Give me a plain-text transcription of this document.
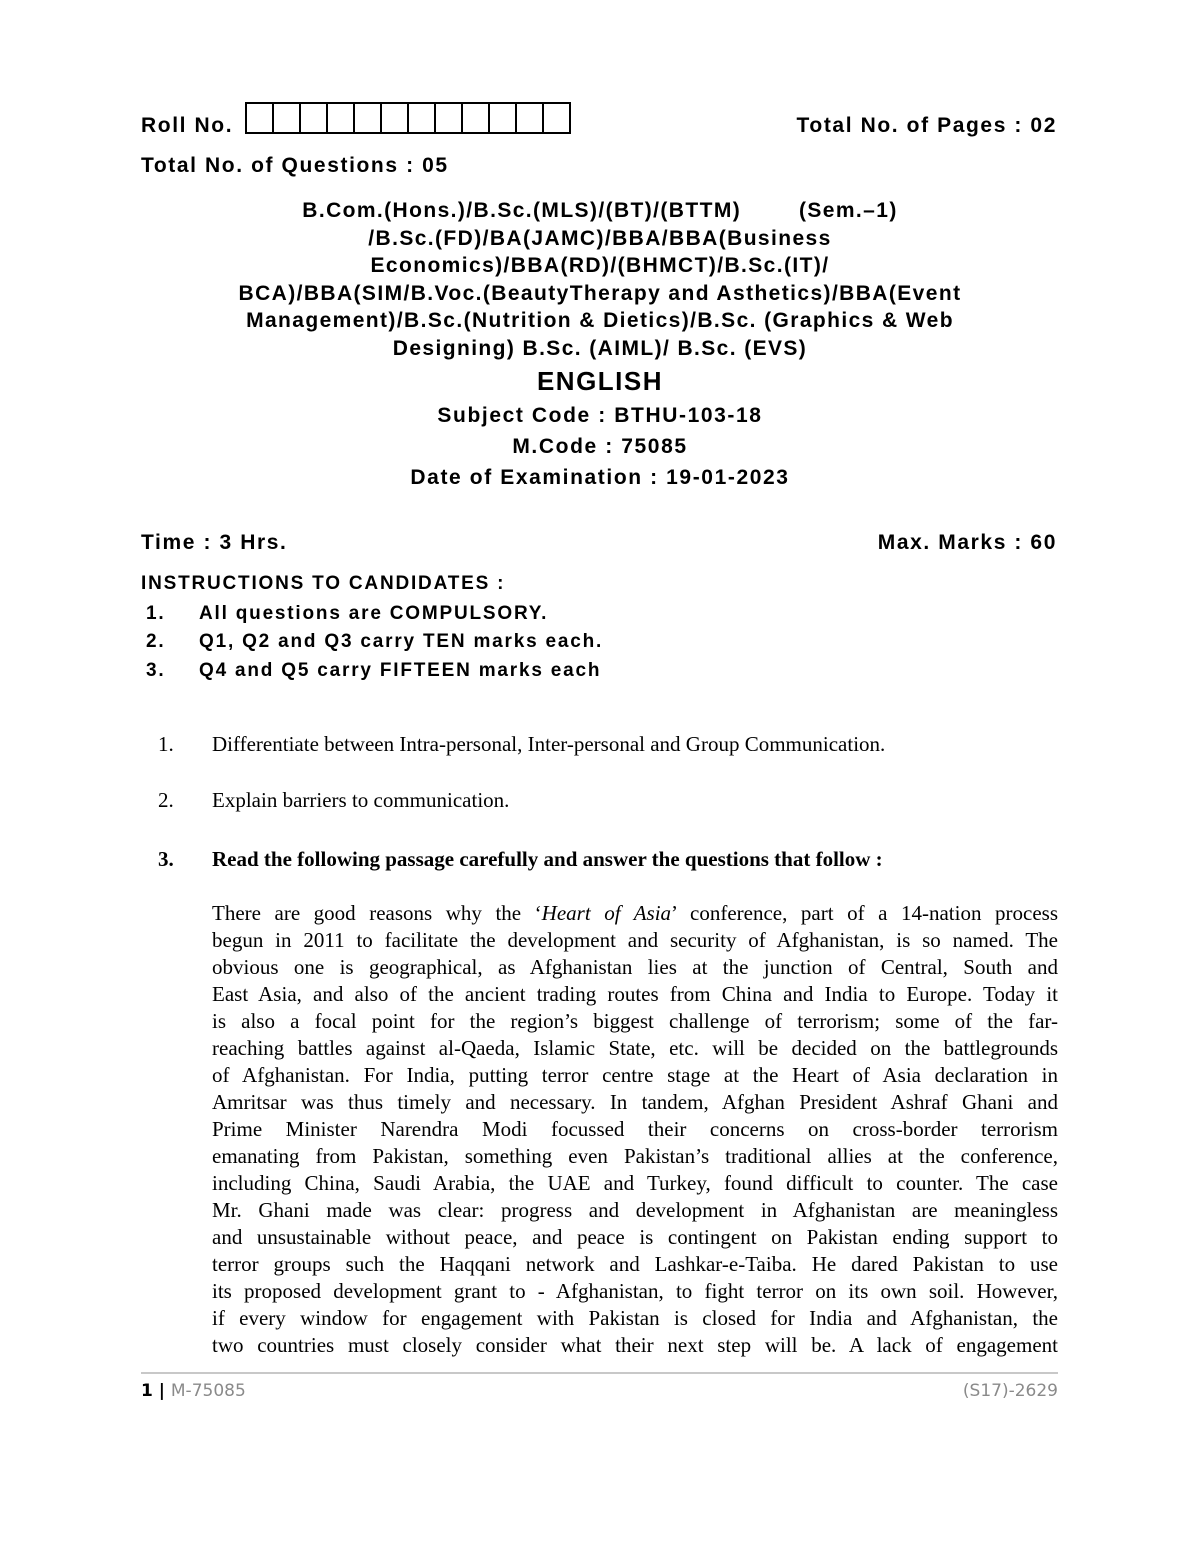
Roll No.	Total No. of Pages : 02
Total No. of Questions : 05
B.Com.(Hons.)/B.Sc.(MLS)/(BT)/(BTTM)        (Sem.–1)
/B.Sc.(FD)/BA(JAMC)/BBA/BBA(Business
Economics)/BBA(RD)/(BHMCT)/B.Sc.(IT)/
BCA)/BBA(SIM/B.Voc.(BeautyTherapy and Asthetics)/BBA(Event
Management)/B.Sc.(Nutrition & Dietics)/B.Sc. (Graphics & Web
Designing) B.Sc. (AIML)/ B.Sc. (EVS)
ENGLISH
Subject Code : BTHU-103-18
M.Code : 75085
Date of Examination : 19-01-2023
Time : 3 Hrs.	Max. Marks : 60
INSTRUCTIONS TO CANDIDATES :
1.	All questions are COMPULSORY.
2.	Q1, Q2 and Q3 carry TEN marks each.
3.	Q4 and Q5 carry FIFTEEN marks each
1.	Differentiate between Intra-personal, Inter-personal and Group Communication.
2.	Explain barriers to communication.
3.	Read the following passage carefully and answer the questions that follow :
There are good reasons why the ‘Heart of Asia’ conference, part of a 14-nation process
begun in 2011 to facilitate the development and security of Afghanistan, is so named. The
obvious one is geographical, as Afghanistan lies at the junction of Central, South and
East Asia, and also of the ancient trading routes from China and India to Europe. Today it
is also a focal point for the region’s biggest challenge of terrorism; some of the far-
reaching battles against al-Qaeda, Islamic State, etc. will be decided on the battlegrounds
of Afghanistan. For India, putting terror centre stage at the Heart of Asia declaration in
Amritsar was thus timely and necessary. In tandem, Afghan President Ashraf Ghani and
Prime Minister Narendra Modi focussed their concerns on cross-border terrorism
emanating from Pakistan, something even Pakistan’s traditional allies at the conference,
including China, Saudi Arabia, the UAE and Turkey, found difficult to counter. The case
Mr. Ghani made was clear: progress and development in Afghanistan are meaningless
and unsustainable without peace, and peace is contingent on Pakistan ending support to
terror groups such the Haqqani network and Lashkar-e-Taiba. He dared Pakistan to use
its proposed development grant to - Afghanistan, to fight terror on its own soil. However,
if every window for engagement with Pakistan is closed for India and Afghanistan, the
two countries must closely consider what their next step will be. A lack of engagement
1 | M-75085	(S17)-2629
